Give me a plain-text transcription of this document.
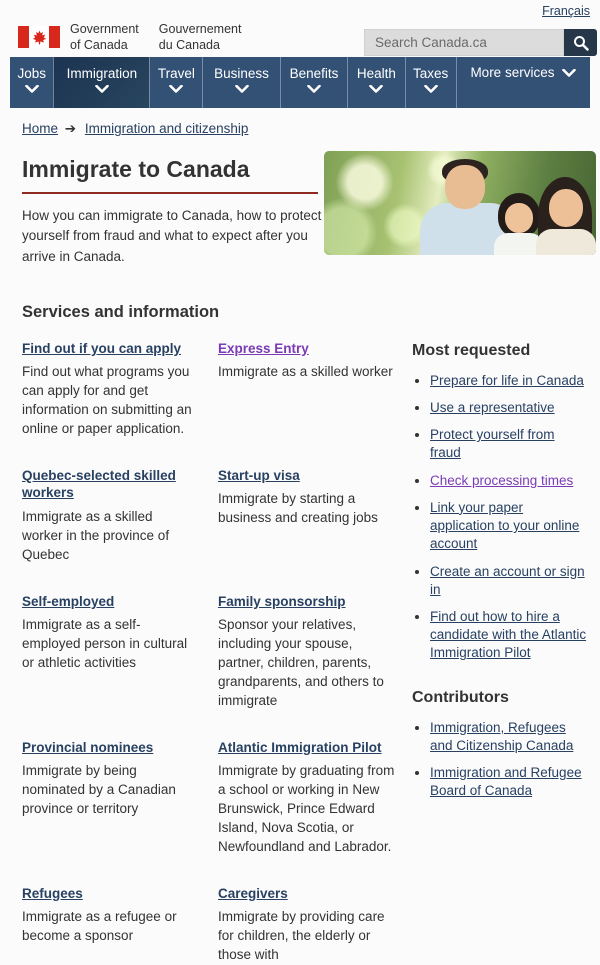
Français
Government
of Canada
Gouvernement
du Canada
Search Canada.ca
Jobs	Immigration	Travel	Business	Benefits	Health	Taxes	More services
Home ➔ Immigration and citizenship
Immigrate to Canada

How you can immigrate to Canada, how to protect yourself from fraud and what to expect after you arrive in Canada.

Services and information
Find out if you can apply

Find out what programs you can apply for and get information on submitting an online or paper application.

Express Entry

Immigrate as a skilled worker

Quebec-selected skilled workers

Immigrate as a skilled worker in the province of Quebec

Start-up visa

Immigrate by starting a business and creating jobs

Self-employed

Immigrate as a self-employed person in cultural or athletic activities

Family sponsorship

Sponsor your relatives, including your spouse, partner, children, parents, grandparents, and others to immigrate

Provincial nominees

Immigrate by being nominated by a Canadian province or territory

Atlantic Immigration Pilot

Immigrate by graduating from a school or working in New Brunswick, Prince Edward Island, Nova Scotia, or Newfoundland and Labrador.

Refugees

Immigrate as a refugee or become a sponsor

Caregivers

Immigrate by providing care for children, the elderly or those with

Most requested
• Prepare for life in Canada
• Use a representative
• Protect yourself from fraud
• Check processing times
• Link your paper application to your online account
• Create an account or sign in
• Find out how to hire a candidate with the Atlantic Immigration Pilot
Contributors
• Immigration, Refugees and Citizenship Canada
• Immigration and Refugee Board of Canada
